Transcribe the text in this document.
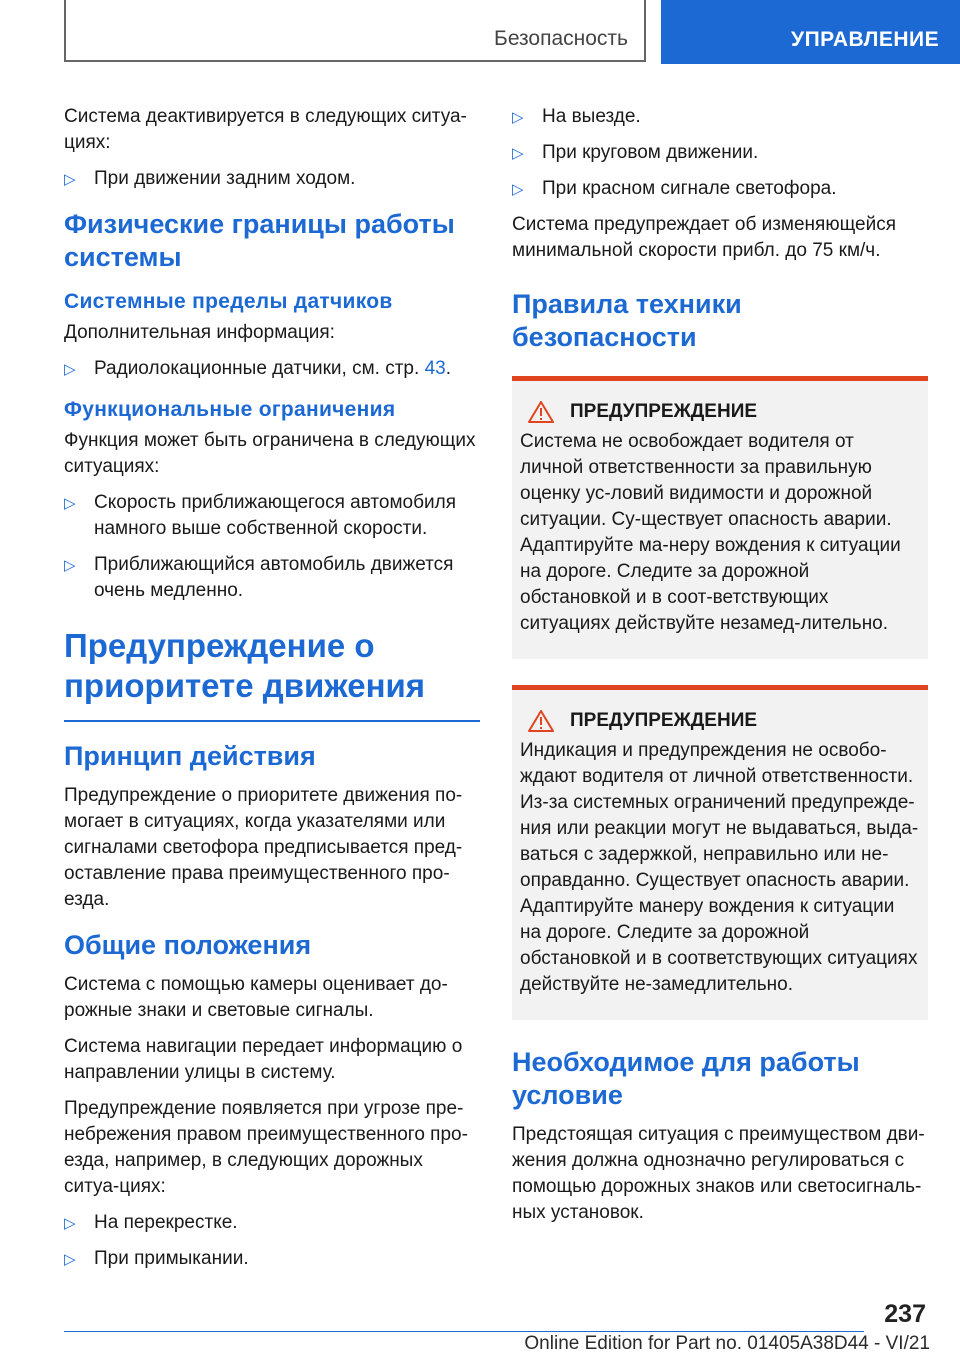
Безопасность	УПРАВЛЕНИЕ

Система деактивируется в следующих ситуа-циях:

▷ При движении задним ходом.
Физические границы работы системы
Системные пределы датчиков

Дополнительная информация:

▷ Радиолокационные датчики, см. стр. 43.
Функциональные ограничения

Функция может быть ограничена в следующих ситуациях:

▷ Скорость приближающегося автомобиля намного выше собственной скорости.
▷ Приближающийся автомобиль движется очень медленно.
Предупреждение о приоритете движения
Принцип действия

Предупреждение о приоритете движения по-могает в ситуациях, когда указателями или сигналами светофора предписывается пред-оставление права преимущественного про-езда.

Общие положения

Система с помощью камеры оценивает до-рожные знаки и световые сигналы.

Система навигации передает информацию о направлении улицы в систему.

Предупреждение появляется при угрозе пре-небрежения правом преимущественного про-езда, например, в следующих дорожных ситуа-циях:

▷ На перекрестке.
▷ При примыкании.
▷ На выезде.
▷ При круговом движении.
▷ При красном сигнале светофора.

Система предупреждает об изменяющейся минимальной скорости прибл. до 75 км/ч.

Правила техники безопасности
ПРЕДУПРЕЖДЕНИЕ

Система не освобождает водителя от личной ответственности за правильную оценку ус-ловий видимости и дорожной ситуации. Су-ществует опасность аварии. Адаптируйте ма-неру вождения к ситуации на дороге. Следите за дорожной обстановкой и в соот-ветствующих ситуациях действуйте незамед-лительно.

ПРЕДУПРЕЖДЕНИЕ

Индикация и предупреждения не освобо-ждают водителя от личной ответственности. Из-за системных ограничений предупрежде-ния или реакции могут не выдаваться, выда-ваться с задержкой, неправильно или не-оправданно. Существует опасность аварии. Адаптируйте манеру вождения к ситуации на дороге. Следите за дорожной обстановкой и в соответствующих ситуациях действуйте не-замедлительно.

Необходимое для работы условие

Предстоящая ситуация с преимуществом дви-жения должна однозначно регулироваться с помощью дорожных знаков или светосигналь-ных установок.

237
Online Edition for Part no. 01405A38D44 - VI/21
